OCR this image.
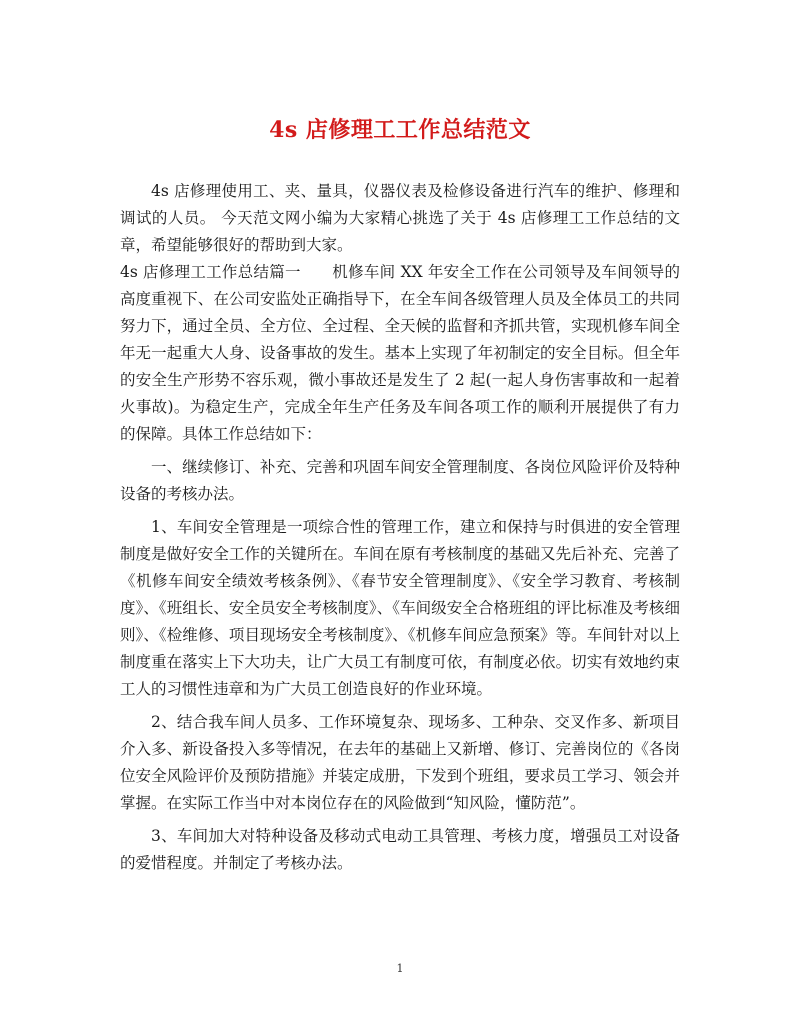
4s 店修理工工作总结范文

4s 店修理使用工、夹、量具，仪器仪表及检修设备进行汽车的维护、修理和调试的人员。 今天范文网小编为大家精心挑选了关于 4s 店修理工工作总结的文章，希望能够很好的帮助到大家。

4s 店修理工工作总结篇一　　机修车间 XX 年安全工作在公司领导及车间领导的高度重视下、在公司安监处正确指导下，在全车间各级管理人员及全体员工的共同努力下，通过全员、全方位、全过程、全天候的监督和齐抓共管，实现机修车间全年无一起重大人身、设备事故的发生。基本上实现了年初制定的安全目标。但全年的安全生产形势不容乐观，微小事故还是发生了 2 起(一起人身伤害事故和一起着火事故)。为稳定生产，完成全年生产任务及车间各项工作的顺利开展提供了有力的保障。具体工作总结如下：

一、继续修订、补充、完善和巩固车间安全管理制度、各岗位风险评价及特种设备的考核办法。

1、车间安全管理是一项综合性的管理工作，建立和保持与时俱进的安全管理制度是做好安全工作的关键所在。车间在原有考核制度的基础又先后补充、完善了《机修车间安全绩效考核条例》、《春节安全管理制度》、《安全学习教育、考核制度》、《班组长、安全员安全考核制度》、《车间级安全合格班组的评比标准及考核细则》、《检维修、项目现场安全考核制度》、《机修车间应急预案》等。车间针对以上制度重在落实上下大功夫，让广大员工有制度可依，有制度必依。切实有效地约束工人的习惯性违章和为广大员工创造良好的作业环境。

2、结合我车间人员多、工作环境复杂、现场多、工种杂、交叉作多、新项目介入多、新设备投入多等情况，在去年的基础上又新增、修订、完善岗位的《各岗位安全风险评价及预防措施》并装定成册，下发到个班组，要求员工学习、领会并掌握。在实际工作当中对本岗位存在的风险做到“知风险，懂防范”。

3、车间加大对特种设备及移动式电动工具管理、考核力度，增强员工对设备的爱惜程度。并制定了考核办法。

1
